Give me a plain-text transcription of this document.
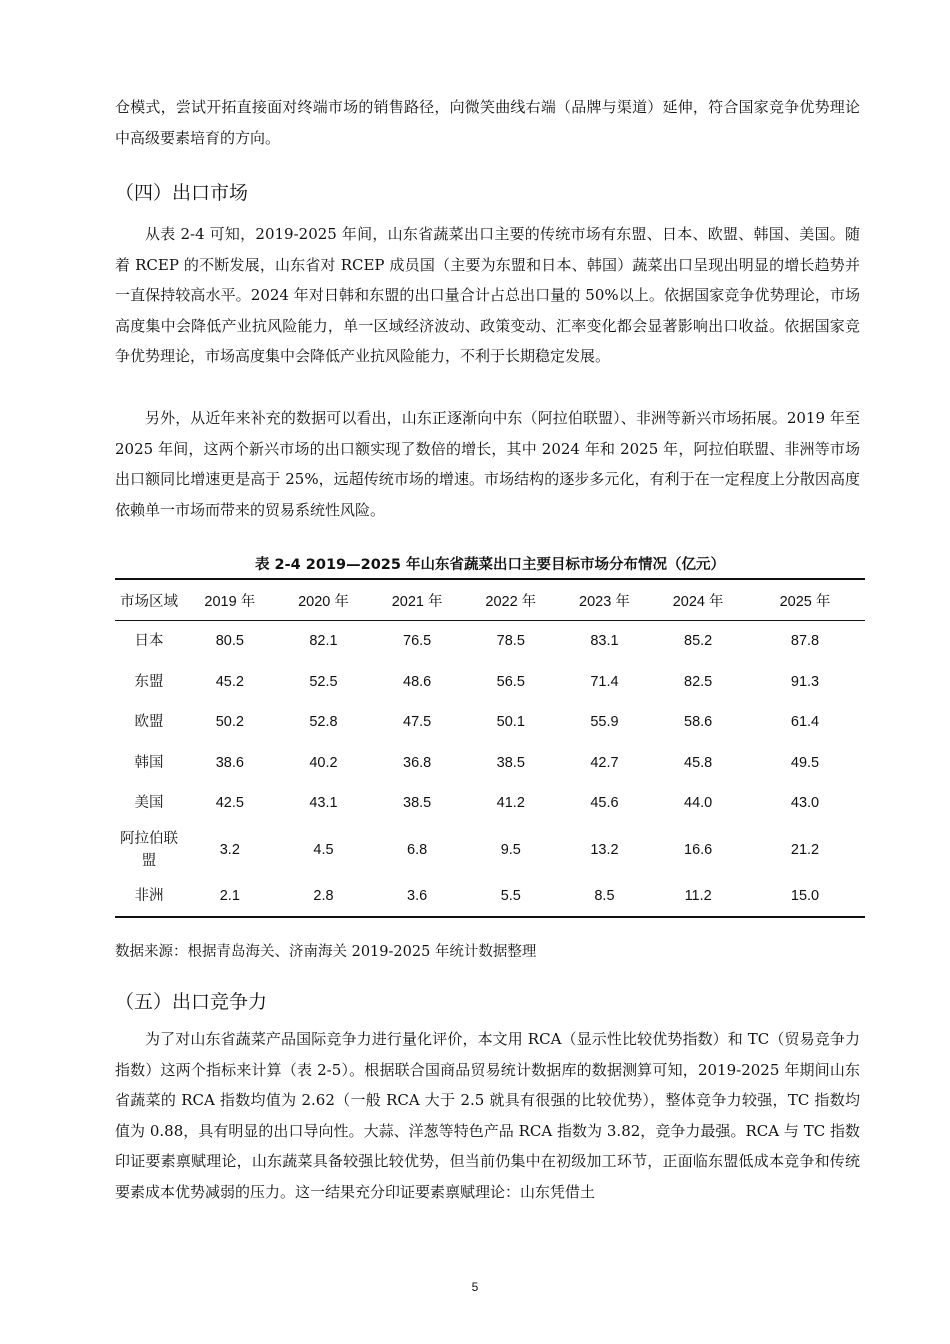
仓模式，尝试开拓直接面对终端市场的销售路径，向微笑曲线右端（品牌与渠道）延伸，符合国家竞争优势理论中高级要素培育的方向。

（四）出口市场

从表 2-4 可知，2019-2025 年间，山东省蔬菜出口主要的传统市场有东盟、日本、欧盟、韩国、美国。随着 RCEP 的不断发展，山东省对 RCEP 成员国（主要为东盟和日本、韩国）蔬菜出口呈现出明显的增长趋势并一直保持较高水平。2024 年对日韩和东盟的出口量合计占总出口量的 50%以上。依据国家竞争优势理论，市场高度集中会降低产业抗风险能力，单一区域经济波动、政策变动、汇率变化都会显著影响出口收益。依据国家竞争优势理论，市场高度集中会降低产业抗风险能力，不利于长期稳定发展。

另外，从近年来补充的数据可以看出，山东正逐渐向中东（阿拉伯联盟）、非洲等新兴市场拓展。2019 年至 2025 年间，这两个新兴市场的出口额实现了数倍的增长，其中 2024 年和 2025 年，阿拉伯联盟、非洲等市场出口额同比增速更是高于 25%，远超传统市场的增速。市场结构的逐步多元化，有利于在一定程度上分散因高度依赖单一市场而带来的贸易系统性风险。

表 2-4 2019—2025 年山东省蔬菜出口主要目标市场分布情况（亿元）

市场区域	2019 年	2020 年	2021 年	2022 年	2023 年	2024 年	2025 年
日本	80.5	82.1	76.5	78.5	83.1	85.2	87.8
东盟	45.2	52.5	48.6	56.5	71.4	82.5	91.3
欧盟	50.2	52.8	47.5	50.1	55.9	58.6	61.4
韩国	38.6	40.2	36.8	38.5	42.7	45.8	49.5
美国	42.5	43.1	38.5	41.2	45.6	44.0	43.0
阿拉伯联盟	3.2	4.5	6.8	9.5	13.2	16.6	21.2
非洲	2.1	2.8	3.6	5.5	8.5	11.2	15.0

数据来源：根据青岛海关、济南海关 2019-2025 年统计数据整理

（五）出口竞争力

为了对山东省蔬菜产品国际竞争力进行量化评价，本文用 RCA（显示性比较优势指数）和 TC（贸易竞争力指数）这两个指标来计算（表 2-5）。根据联合国商品贸易统计数据库的数据测算可知，2019-2025 年期间山东省蔬菜的 RCA 指数均值为 2.62（一般 RCA 大于 2.5 就具有很强的比较优势），整体竞争力较强，TC 指数均值为 0.88，具有明显的出口导向性。大蒜、洋葱等特色产品 RCA 指数为 3.82，竞争力最强。RCA 与 TC 指数印证要素禀赋理论，山东蔬菜具备较强比较优势，但当前仍集中在初级加工环节，正面临东盟低成本竞争和传统要素成本优势减弱的压力。这一结果充分印证要素禀赋理论：山东凭借土

5
